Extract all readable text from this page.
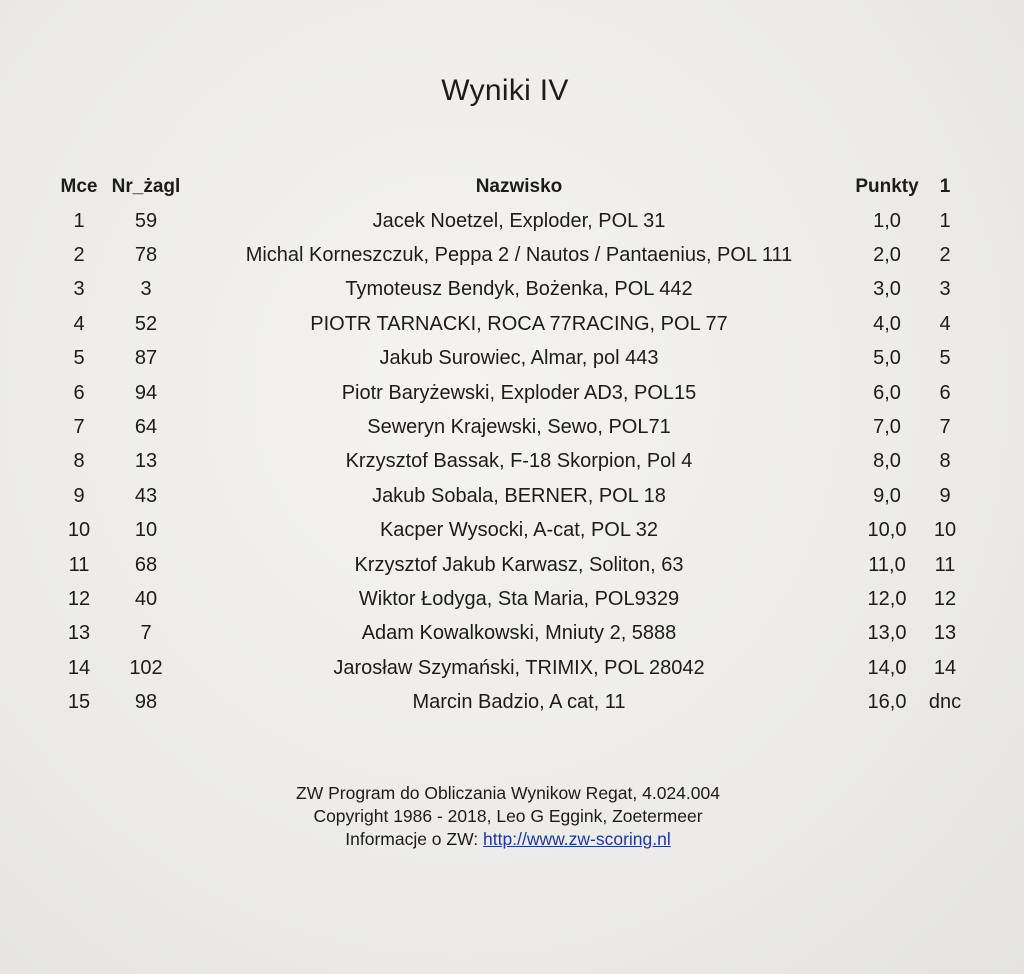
Wyniki IV
Mce	Nr_żagl	Nazwisko	Punkty	1
1	59	Jacek Noetzel, Exploder, POL 31	1,0	1
2	78	Michal Korneszczuk, Peppa 2 / Nautos / Pantaenius, POL 111	2,0	2
3	3	Tymoteusz Bendyk, Bożenka, POL 442	3,0	3
4	52	PIOTR TARNACKI, ROCA 77RACING, POL 77	4,0	4
5	87	Jakub Surowiec, Almar, pol 443	5,0	5
6	94	Piotr Baryżewski, Exploder AD3, POL15	6,0	6
7	64	Seweryn Krajewski, Sewo, POL71	7,0	7
8	13	Krzysztof Bassak, F-18 Skorpion, Pol 4	8,0	8
9	43	Jakub Sobala, BERNER, POL 18	9,0	9
10	10	Kacper Wysocki, A-cat, POL 32	10,0	10
11	68	Krzysztof Jakub Karwasz, Soliton, 63	11,0	11
12	40	Wiktor Łodyga, Sta Maria, POL9329	12,0	12
13	7	Adam Kowalkowski, Mniuty 2, 5888	13,0	13
14	102	Jarosław Szymański, TRIMIX, POL 28042	14,0	14
15	98	Marcin Badzio, A cat, 11	16,0	dnc
ZW Program do Obliczania Wynikow Regat, 4.024.004
Copyright 1986 - 2018, Leo G Eggink, Zoetermeer
Informacje o ZW: http://www.zw-scoring.nl
